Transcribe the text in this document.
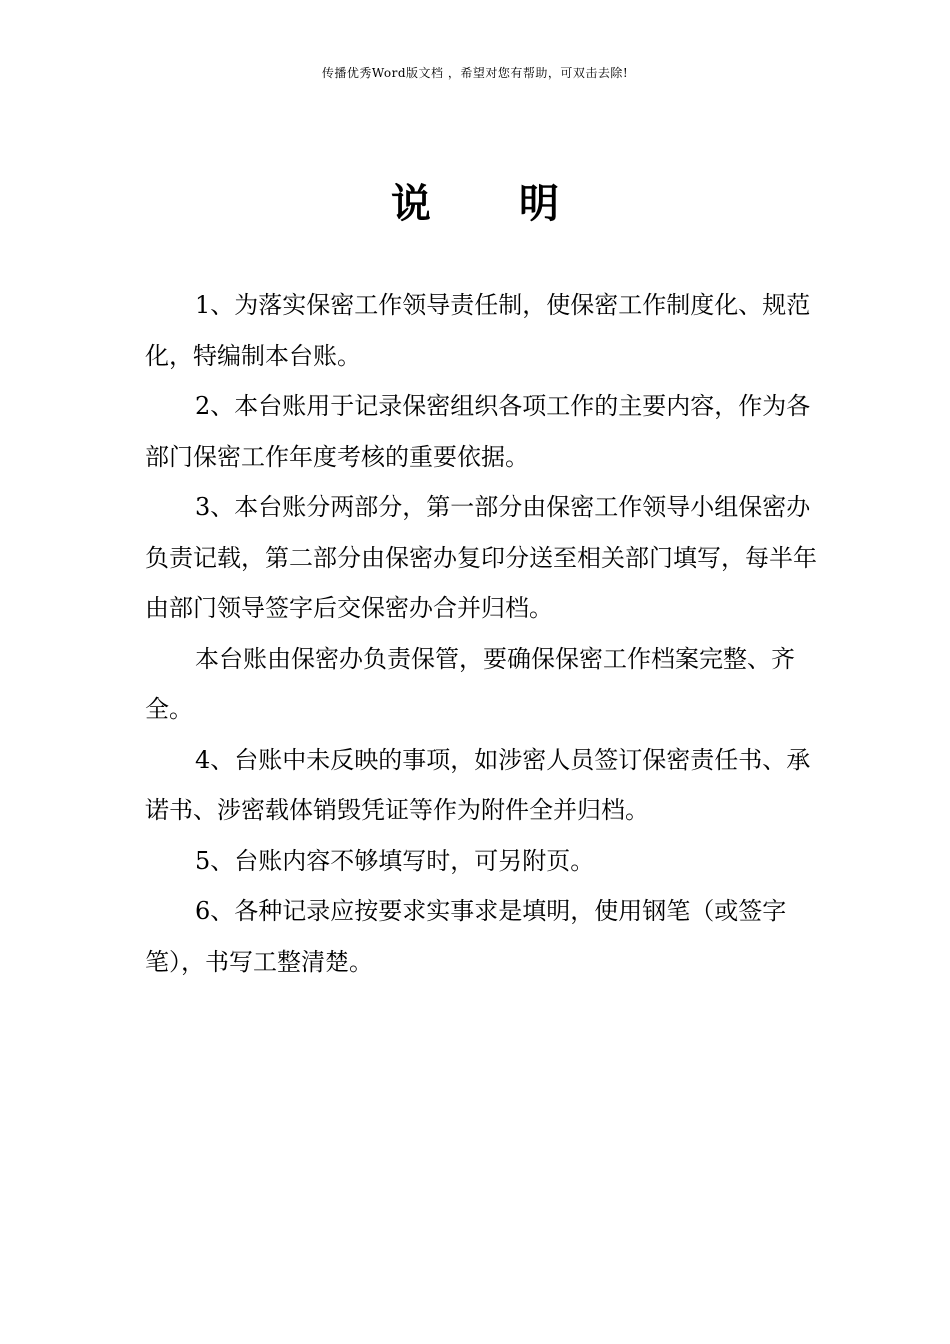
传播优秀Word版文档 ，希望对您有帮助，可双击去除!
说 明

1、为落实保密工作领导责任制，使保密工作制度化、规范化，特编制本台账。

2、本台账用于记录保密组织各项工作的主要内容，作为各部门保密工作年度考核的重要依据。

3、本台账分两部分，第一部分由保密工作领导小组保密办负责记载，第二部分由保密办复印分送至相关部门填写，每半年由部门领导签字后交保密办合并归档。

本台账由保密办负责保管，要确保保密工作档案完整、齐全。

4、台账中未反映的事项，如涉密人员签订保密责任书、承诺书、涉密载体销毁凭证等作为附件全并归档。

5、台账内容不够填写时，可另附页。

6、各种记录应按要求实事求是填明，使用钢笔（或签字笔），书写工整清楚。
